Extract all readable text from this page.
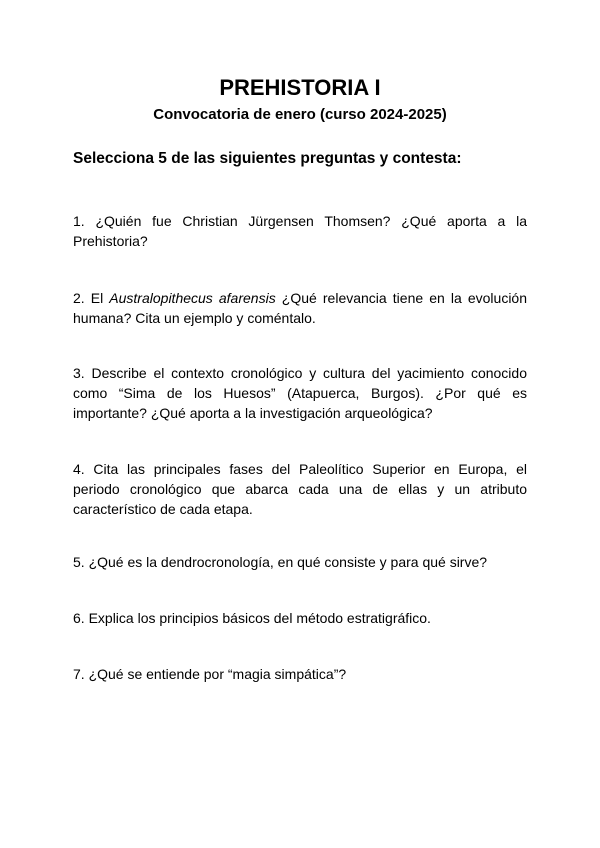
PREHISTORIA I
Convocatoria de enero (curso 2024-2025)
Selecciona 5 de las siguientes preguntas y contesta:

1. ¿Quién fue Christian Jürgensen Thomsen? ¿Qué aporta a la Prehistoria?

2. El Australopithecus afarensis ¿Qué relevancia tiene en la evolución humana? Cita un ejemplo y coméntalo.

3. Describe el contexto cronológico y cultura del yacimiento conocido como “Sima de los Huesos” (Atapuerca, Burgos). ¿Por qué es importante? ¿Qué aporta a la investigación arqueológica?

4. Cita las principales fases del Paleolítico Superior en Europa, el periodo cronológico que abarca cada una de ellas y un atributo característico de cada etapa.

5. ¿Qué es la dendrocronología, en qué consiste y para qué sirve?

6. Explica los principios básicos del método estratigráfico.

7. ¿Qué se entiende por “magia simpática”?
